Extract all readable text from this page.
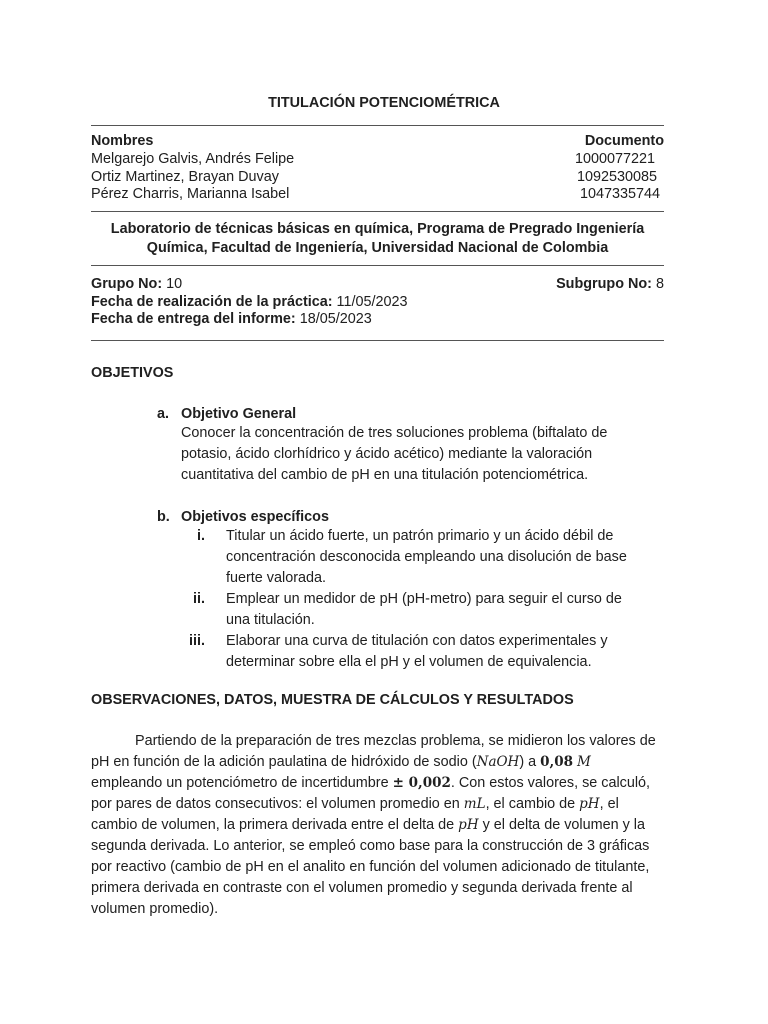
TITULACIÓN POTENCIOMÉTRICA
Nombres	Documento
Melgarejo Galvis, Andrés Felipe	1000077221
Ortiz Martinez, Brayan Duvay	1092530085
Pérez Charris, Marianna Isabel	1047335744
Laboratorio de técnicas básicas en química, Programa de Pregrado Ingeniería Química, Facultad de Ingeniería, Universidad Nacional de Colombia
Grupo No: 10	Subgrupo No: 8
Fecha de realización de la práctica: 11/05/2023
Fecha de entrega del informe: 18/05/2023
OBJETIVOS
a. Objetivo General
Conocer la concentración de tres soluciones problema (biftalato de potasio, ácido clorhídrico y ácido acético) mediante la valoración cuantitativa del cambio de pH en una titulación potenciométrica.
b. Objetivos específicos
i. Titular un ácido fuerte, un patrón primario y un ácido débil de concentración desconocida empleando una disolución de base fuerte valorada.
ii. Emplear un medidor de pH (pH-metro) para seguir el curso de una titulación.
iii. Elaborar una curva de titulación con datos experimentales y determinar sobre ella el pH y el volumen de equivalencia.
OBSERVACIONES, DATOS, MUESTRA DE CÁLCULOS Y RESULTADOS
Partiendo de la preparación de tres mezclas problema, se midieron los valores de pH en función de la adición paulatina de hidróxido de sodio (NaOH) a 0,08 M empleando un potenciómetro de incertidumbre ± 0,002. Con estos valores, se calculó, por pares de datos consecutivos: el volumen promedio en mL, el cambio de pH, el cambio de volumen, la primera derivada entre el delta de pH y el delta de volumen y la segunda derivada. Lo anterior, se empleó como base para la construcción de 3 gráficas por reactivo (cambio de pH en el analito en función del volumen adicionado de titulante, primera derivada en contraste con el volumen promedio y segunda derivada frente al volumen promedio).
